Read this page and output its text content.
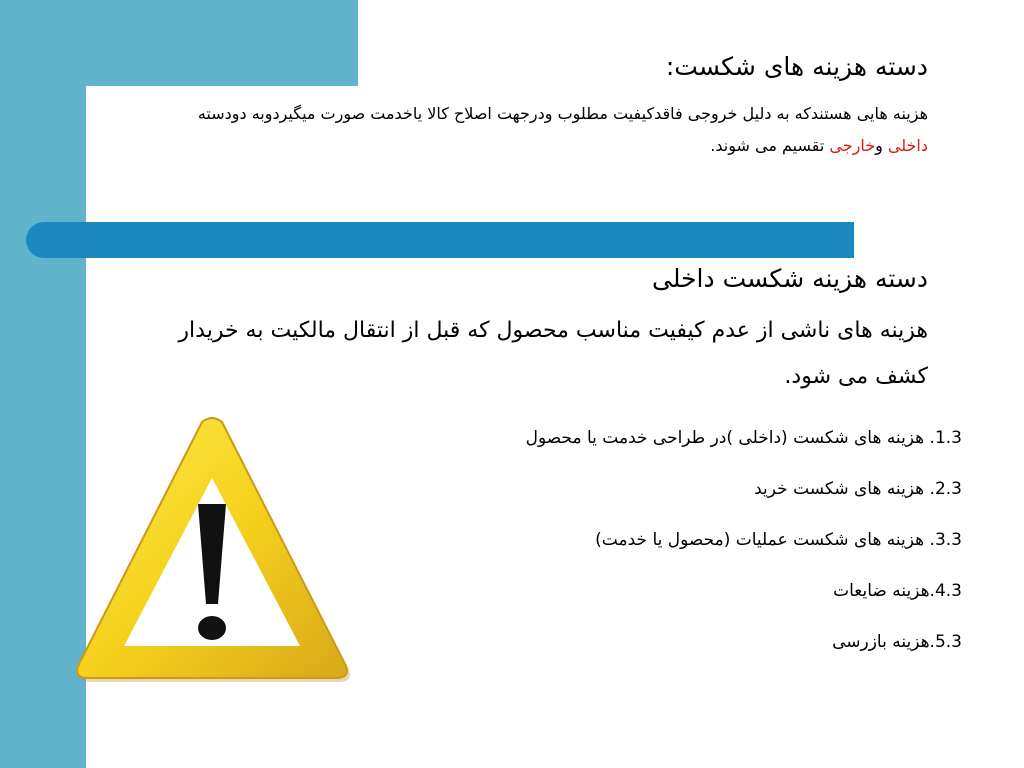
دسته هزینه های شکست:

هزینه هایی هستندکه به دلیل خروجی فاقدکیفیت مطلوب ودرجهت اصلاح کالا یاخدمت صورت میگیردوبه دودسته داخلی وخارجی تقسیم می شوند.

دسته هزینه شکست داخلی

هزینه های ناشی از عدم کیفیت مناسب محصول که قبل از انتقال مالکیت به خریدار کشف می شود.

1.3. هزینه های شکست (داخلی )در طراحی خدمت یا محصول
2.3. هزینه های شکست خرید
3.3. هزینه های شکست عملیات (محصول یا خدمت)
4.3.هزینه ضایعات
5.3.هزینه بازرسی
